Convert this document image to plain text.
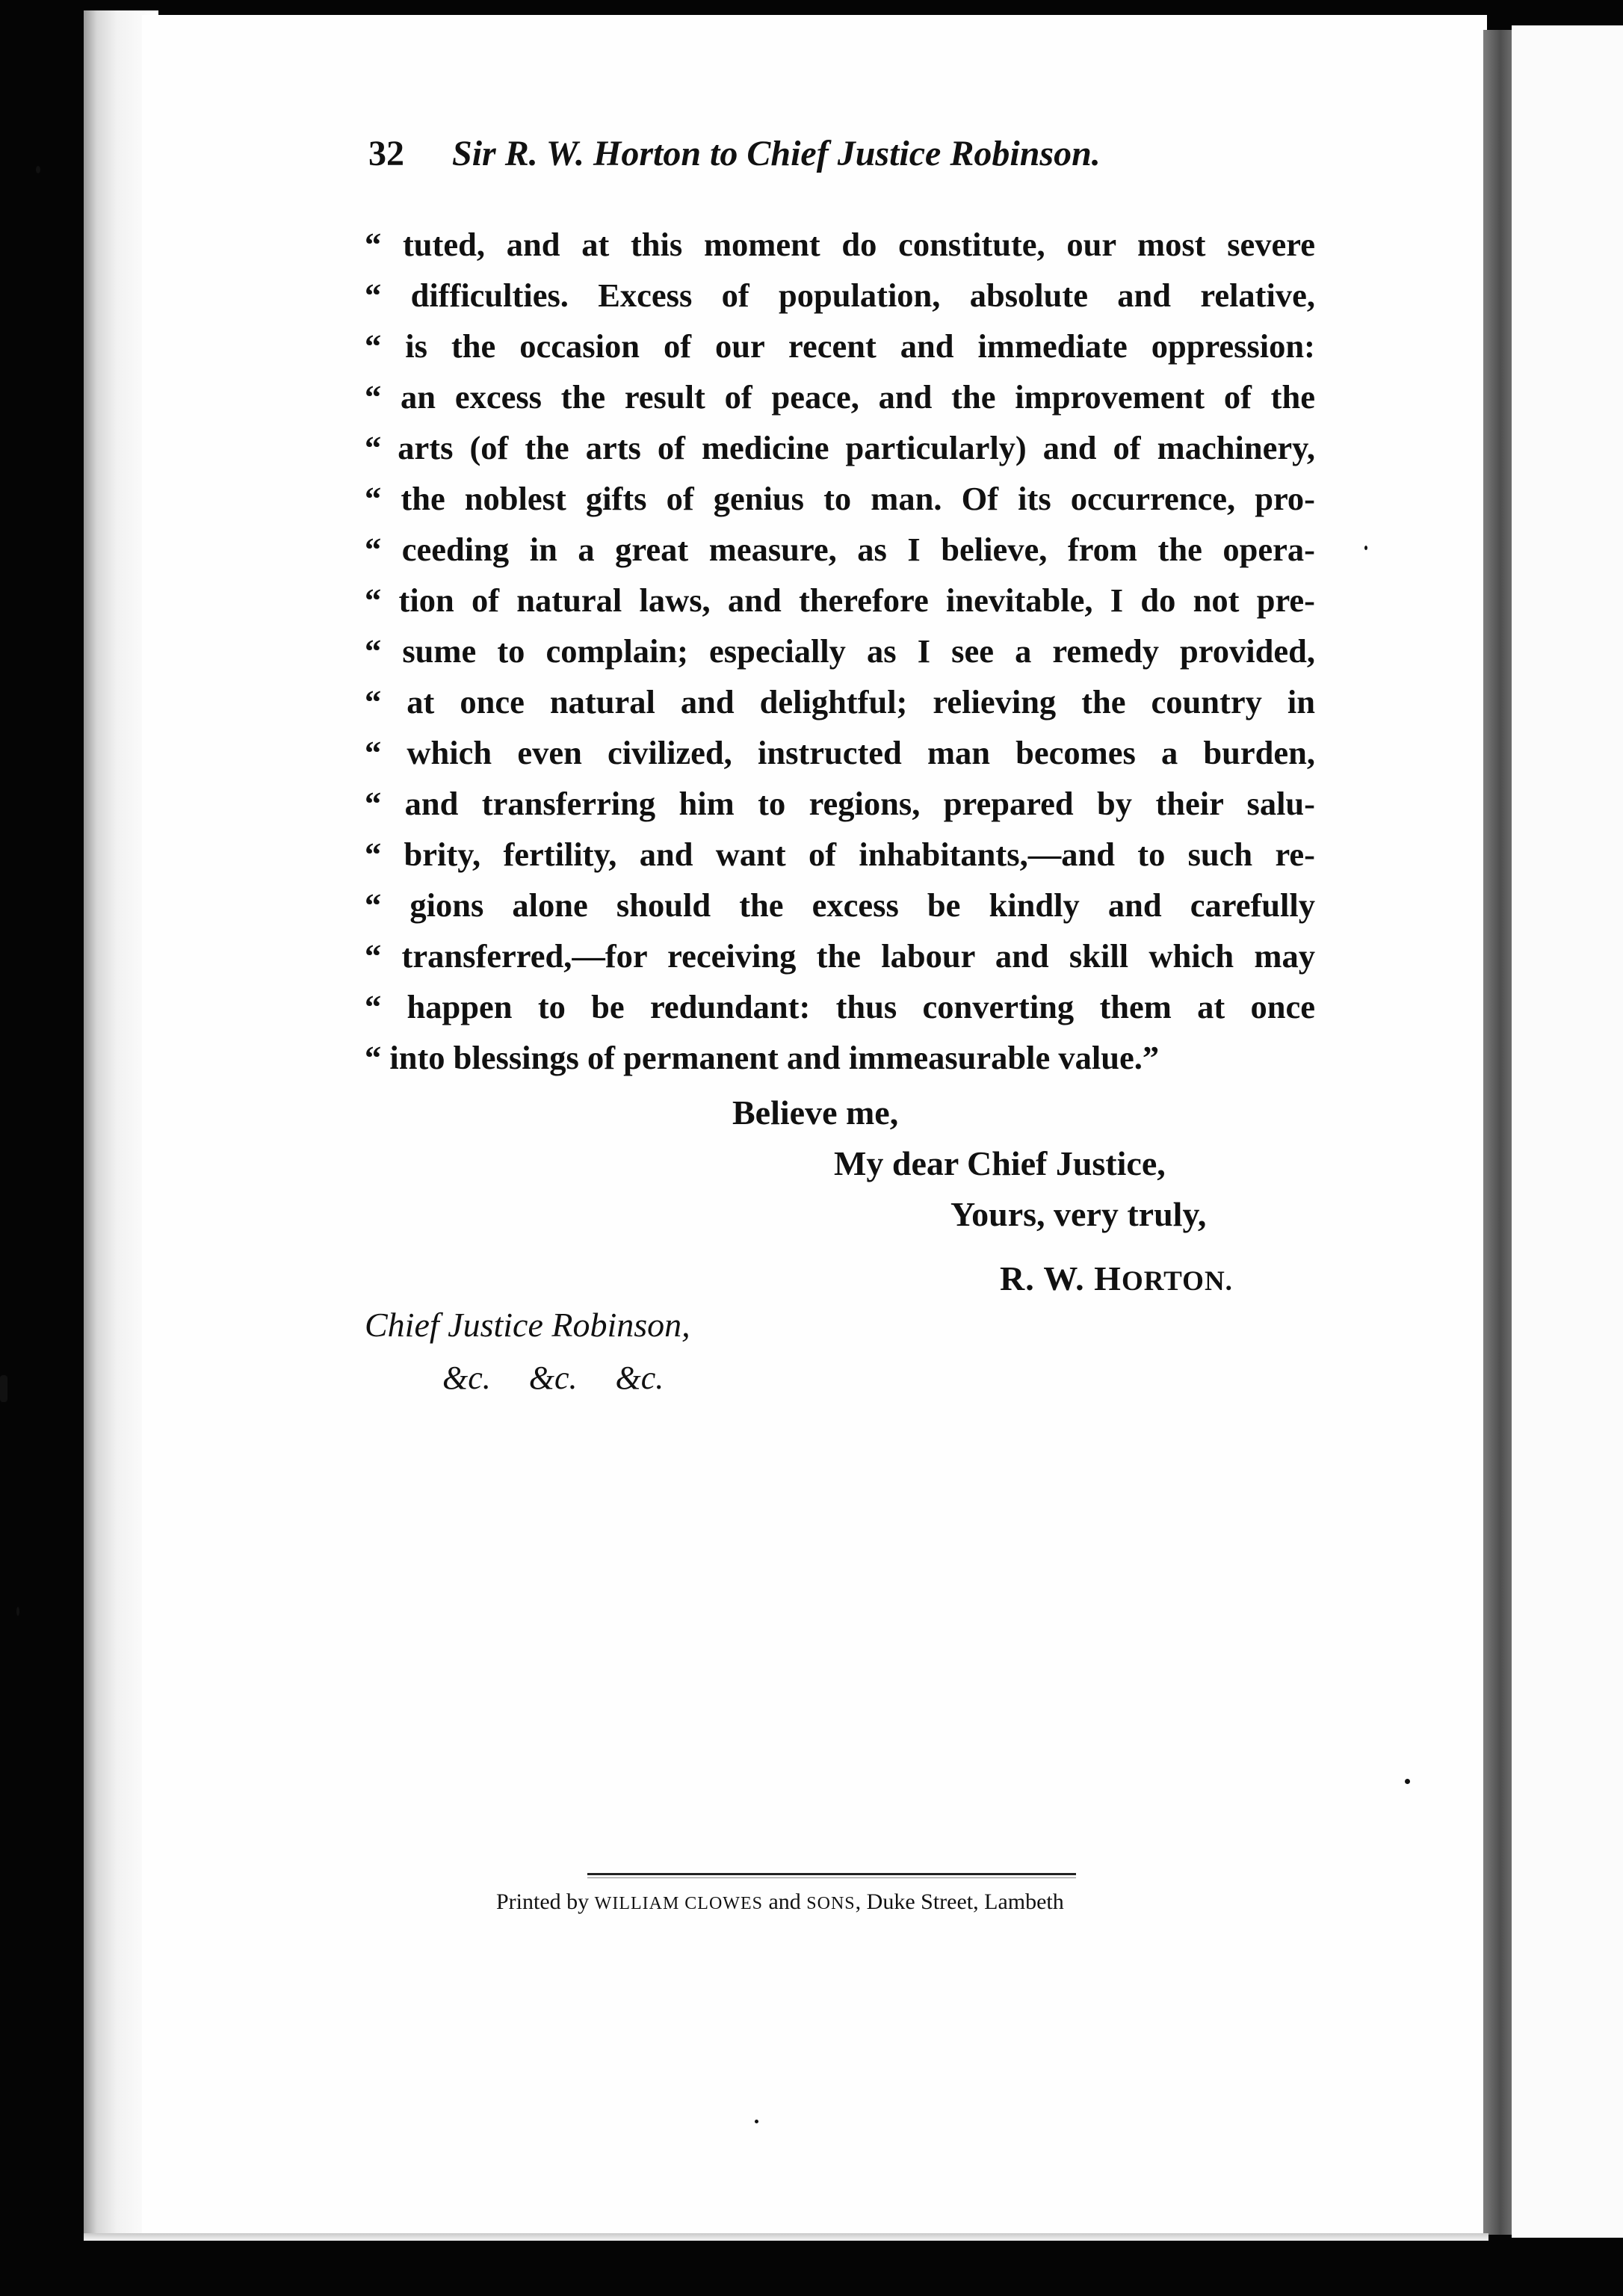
32 Sir R. W. Horton to Chief Justice Robinson.
“ tuted, and at this moment do constitute, our most severe
“ difficulties. Excess of population, absolute and relative,
“ is the occasion of our recent and immediate oppression:
“ an excess the result of peace, and the improvement of the
“ arts (of the arts of medicine particularly) and of machinery,
“ the noblest gifts of genius to man. Of its occurrence, pro-
“ ceeding in a great measure, as I believe, from the opera-
“ tion of natural laws, and therefore inevitable, I do not pre-
“ sume to complain; especially as I see a remedy provided,
“ at once natural and delightful; relieving the country in
“ which even civilized, instructed man becomes a burden,
“ and transferring him to regions, prepared by their salu-
“ brity, fertility, and want of inhabitants,—and to such re-
“ gions alone should the excess be kindly and carefully
“ transferred,—for receiving the labour and skill which may
“ happen to be redundant: thus converting them at once
“ into blessings of permanent and immeasurable value.”
Believe me,
My dear Chief Justice,
Yours, very truly,
R. W. HORTON.
Chief Justice Robinson,
&c. &c. &c.
Printed by WILLIAM CLOWES and SONS, Duke Street, Lambeth
